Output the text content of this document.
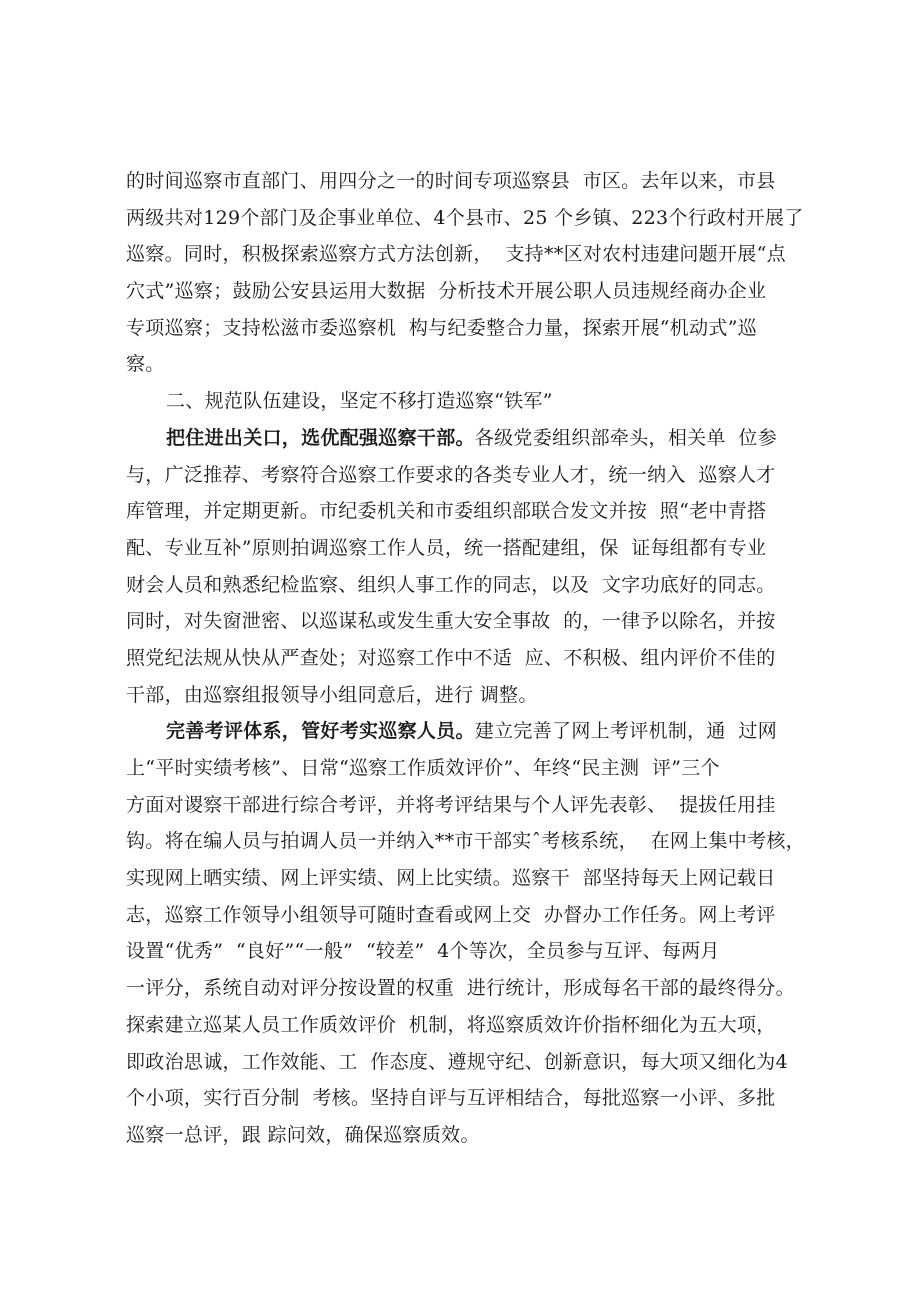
的时间巡察市直部门、用四分之一的时间专项巡察县  市区。去年以来，市县
两级共对129个部门及企事业单位、4个县市、25 个乡镇、223个行政村开展了
巡察。同时，积极探索巡察方式方法创新，  支持**区对农村违建问题开展“点
穴式”巡察；鼓励公安县运用大数据  分析技术开展公职人员违规经商办企业
专项巡察；支持松滋市委巡察机  构与纪委整合力量，探索开展“机动式”巡
察。
二、规范队伍建设，坚定不移打造巡察“铁军”
把住进出关口，选优配强巡察干部。各级党委组织部牵头，相关单  位参
与，广泛推荐、考察符合巡察工作要求的各类专业人才，统一纳入  巡察人才
库管理，并定期更新。市纪委机关和市委组织部联合发文并按  照“老中青搭
配、专业互补”原则拍调巡察工作人员，统一搭配建组，保  证每组都有专业
财会人员和熟悉纪检监察、组织人事工作的同志，以及  文字功底好的同志。
同时，对失窗泄密、以巡谋私或发生重大安全事故  的，一律予以除名，并按
照党纪法规从快从严查处；对巡察工作中不适  应、不积极、组内评价不佳的
干部，由巡察组报领导小组同意后，进行 调整。
完善考评体系，管好考实巡察人员。建立完善了网上考评机制，通  过网
上“平时实绩考核”、日常“巡察工作质效评价”、年终“民主测  评”三个
方面对谡察干部进行综合考评，并将考评结果与个人评先表彰、  提拔任用挂
钩。将在编人员与拍调人员一并纳入**市干部实ˆ考核系统，  在网上集中考核，
实现网上晒实绩、网上评实绩、网上比实绩。巡察干  部坚持每天上网记载日
志，巡察工作领导小组领导可随时查看或网上交  办督办工作任务。网上考评
设置“优秀”  “良好”“一般”  “较差”  4个等次，全员参与互评、每两月
一评分，系统自动对评分按设置的权重  进行统计，形成每名干部的最终得分。
探索建立巡某人员工作质效评价  机制，将巡察质效许价指杯细化为五大项，
即政治思诚，工作效能、工  作态度、遵规守纪、创新意识，每大项又细化为4
个小项，实行百分制  考核。坚持自评与互评相结合，每批巡察一小评、多批
巡察一总评，跟 踪问效，确保巡察质效。
